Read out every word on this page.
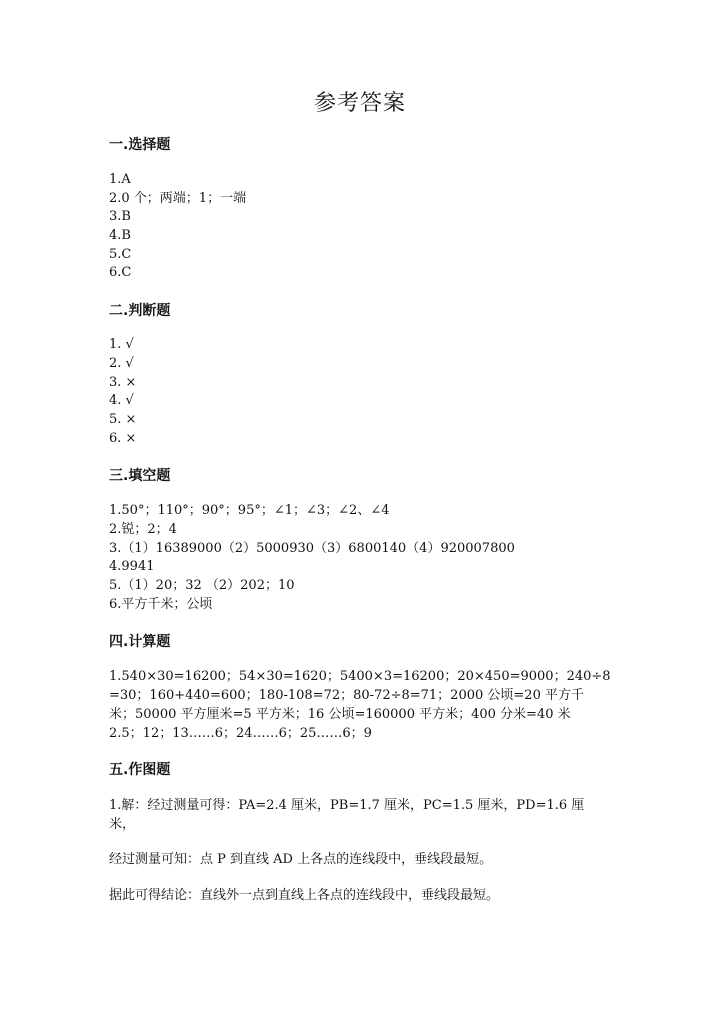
参考答案
一.选择题
1.A
2.0 个；两端；1；一端
3.B
4.B
5.C
6.C
二.判断题
1. √
2. √
3. ×
4. √
5. ×
6. ×
三.填空题
1.50°；110°；90°；95°；∠1；∠3；∠2、∠4
2.锐；2；4
3.（1）16389000（2）5000930（3）6800140（4）920007800
4.9941
5.（1）20；32 （2）202；10
6.平方千米；公顷
四.计算题
1.540×30=16200；54×30=1620；5400×3=16200；20×450=9000；240÷8
=30；160+440=600；180-108=72；80-72÷8=71；2000 公顷=20 平方千
米；50000 平方厘米=5 平方米；16 公顷=160000 平方米；400 分米=40 米
2.5；12；13……6；24……6；25……6；9
五.作图题
1.解：经过测量可得：PA=2.4 厘米，PB=1.7 厘米，PC=1.5 厘米，PD=1.6 厘
米，
经过测量可知：点 P 到直线 AD 上各点的连线段中，垂线段最短。
据此可得结论：直线外一点到直线上各点的连线段中，垂线段最短。
